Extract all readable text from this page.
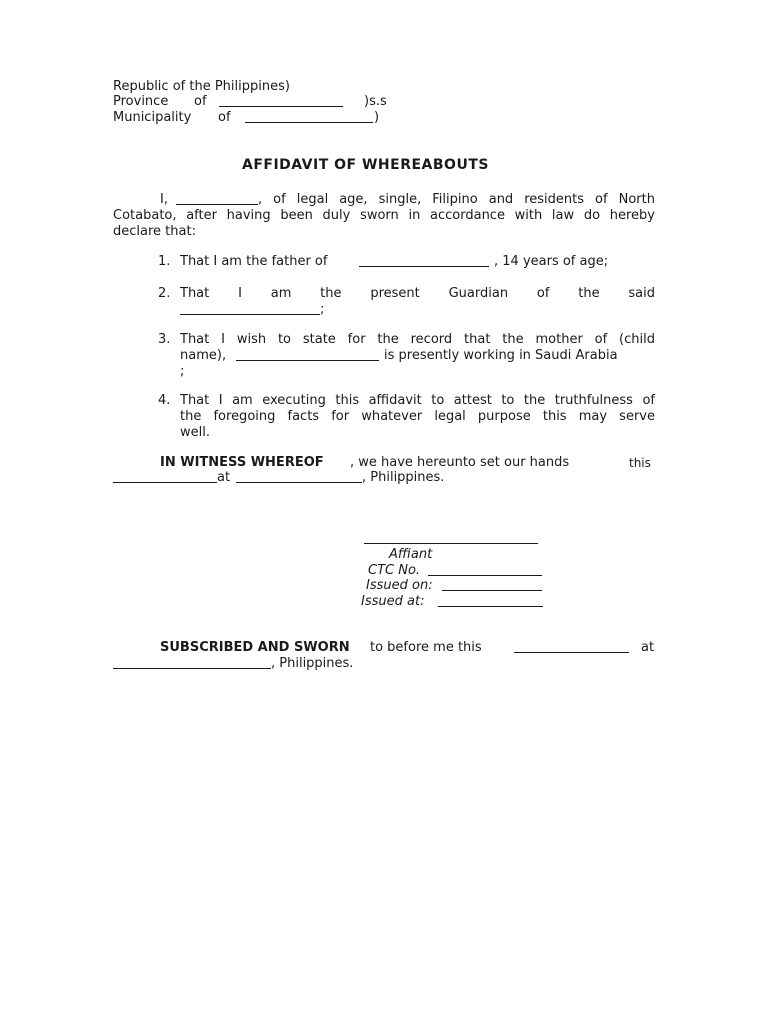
Republic of the Philippines)
Province of	)s.s
Municipality of	)
AFFIDAVIT OF WHEREABOUTS
I,	, of legal age, single, Filipino and residents of North
Cotabato, after having been duly sworn in accordance with law do hereby
declare that:
1. That I am the father of	, 14 years of age;
2. That I am the present Guardian of the said
;
3. That I wish to state for the record that the mother of (child
name),	is presently working in Saudi Arabia
;
4. That I am executing this affidavit to attest to the truthfulness of
the foregoing facts for whatever legal purpose this may serve
well.
IN WITNESS WHEREOF , we have hereunto set our hands	this
at	, Philippines.
Affiant
CTC No.
Issued on:
Issued at:
SUBSCRIBED AND SWORN to before me this	at
, Philippines.
